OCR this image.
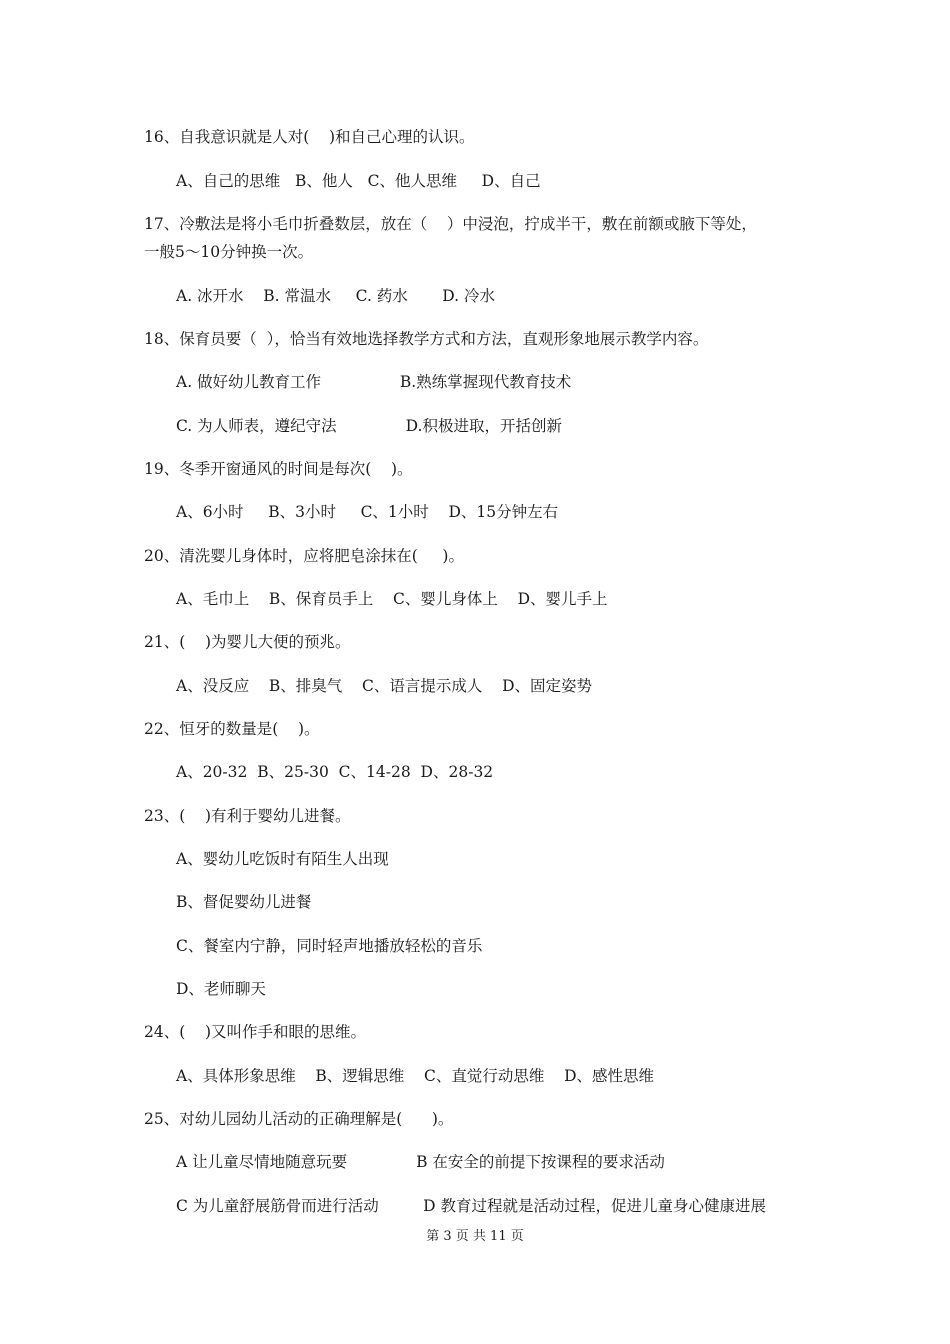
16、自我意识就是人对(    )和自己心理的认识。
A、自己的思维   B、他人   C、他人思维     D、自己
17、冷敷法是将小毛巾折叠数层，放在（    ）中浸泡，拧成半干，敷在前额或腋下等处，
一般5～10分钟换一次。
A. 冰开水    B. 常温水     C. 药水       D. 冷水
18、保育员要（  ），恰当有效地选择教学方式和方法，直观形象地展示教学内容。
A. 做好幼儿教育工作                B.熟练掌握现代教育技术
C. 为人师表，遵纪守法              D.积极进取，开括创新
19、冬季开窗通风的时间是每次(    )。
A、6小时     B、3小时     C、1小时    D、15分钟左右
20、清洗婴儿身体时，应将肥皂涂抹在(     )。
A、毛巾上    B、保育员手上    C、婴儿身体上    D、婴儿手上
21、(    )为婴儿大便的预兆。
A、没反应    B、排臭气    C、语言提示成人    D、固定姿势
22、恒牙的数量是(    )。
A、20-32  B、25-30  C、14-28  D、28-32
23、(    )有利于婴幼儿进餐。
A、婴幼儿吃饭时有陌生人出现
B、督促婴幼儿进餐
C、餐室内宁静，同时轻声地播放轻松的音乐
D、老师聊天
24、(    )又叫作手和眼的思维。
A、具体形象思维    B、逻辑思维    C、直觉行动思维    D、感性思维
25、对幼儿园幼儿活动的正确理解是(      )。
A 让儿童尽情地随意玩要              B 在安全的前提下按课程的要求活动
C 为儿童舒展筋骨而进行活动         D 教育过程就是活动过程，促进儿童身心健康进展
第 3 页 共 11 页
